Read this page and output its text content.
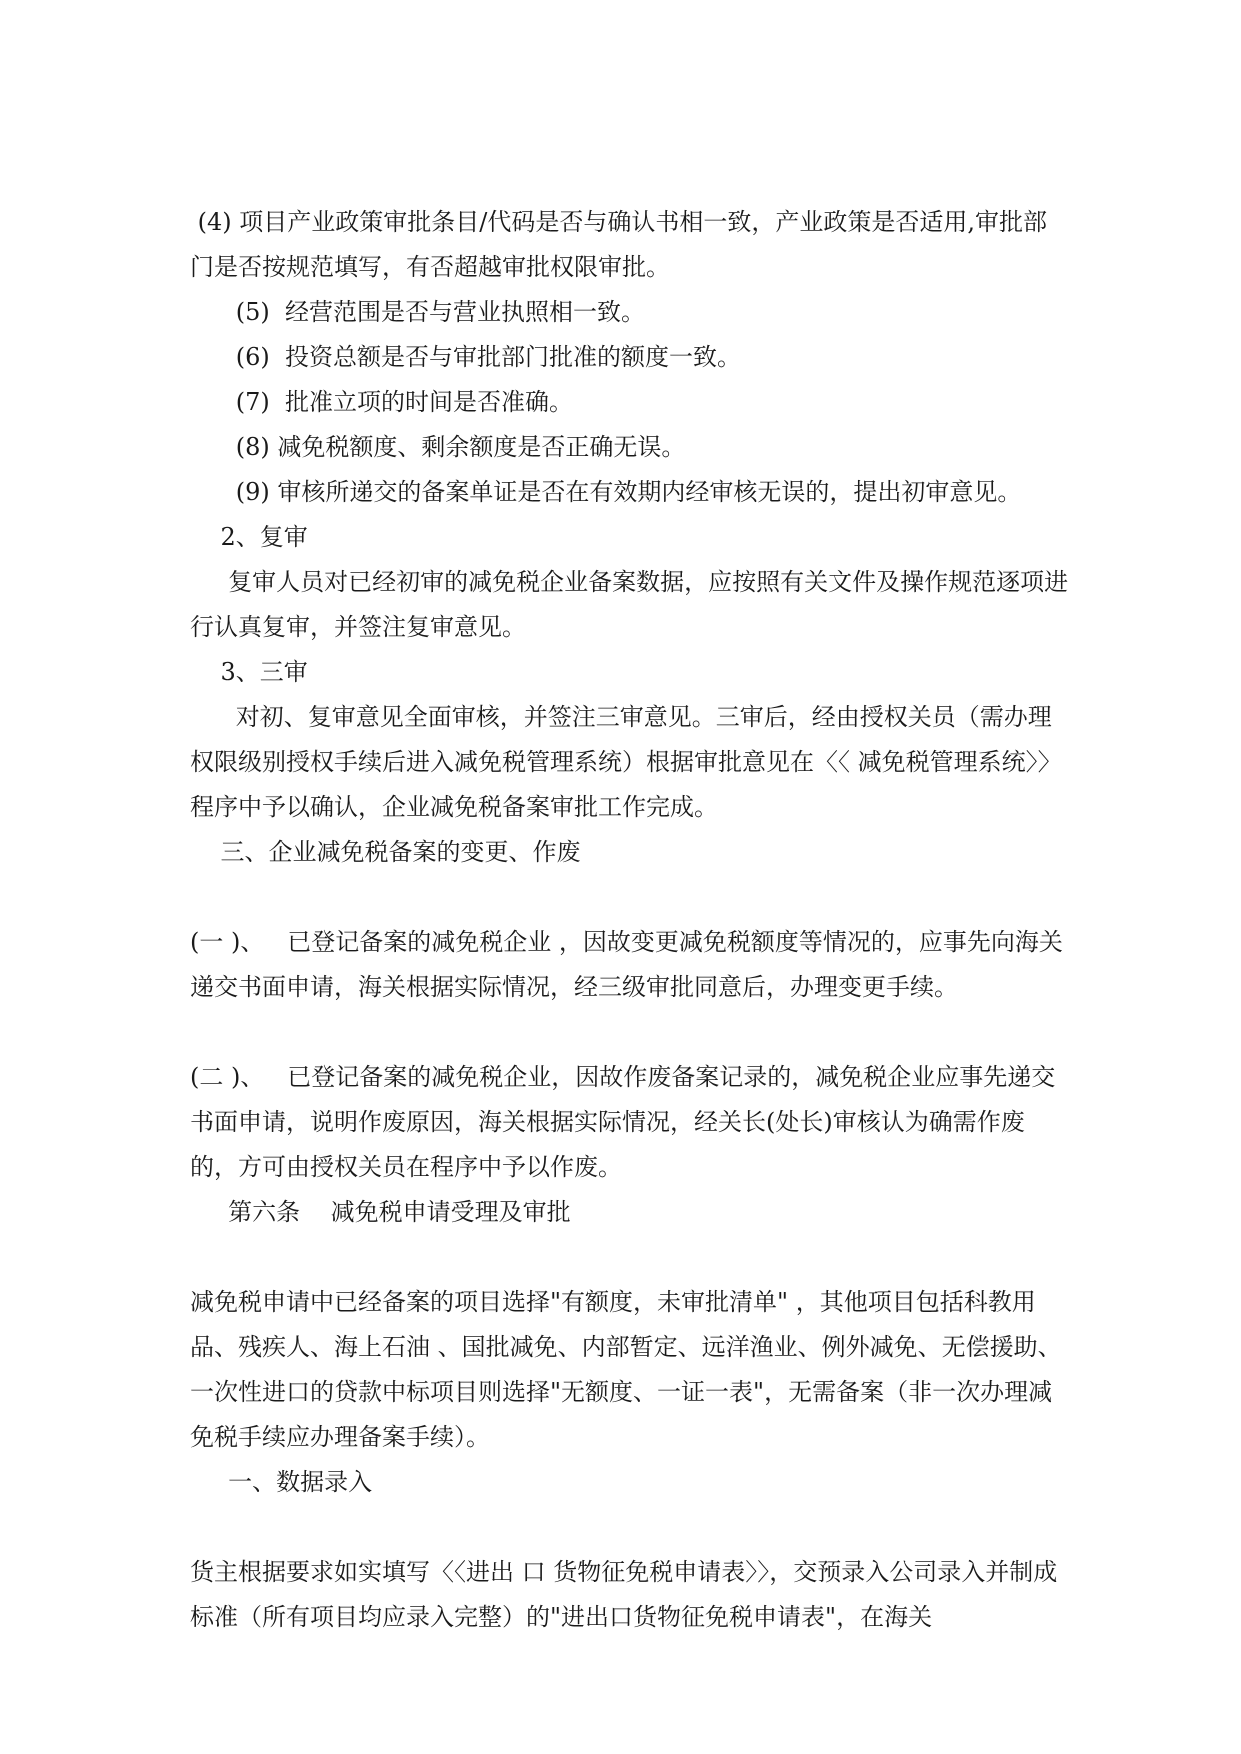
(4) 项目产业政策审批条目/代码是否与确认书相一致，产业政策是否适用,审批部门是否按规范填写，有否超越审批权限审批。

(5)  经营范围是否与营业执照相一致。

(6)  投资总额是否与审批部门批准的额度一致。

(7)  批准立项的时间是否准确。

(8) 减免税额度、剩余额度是否正确无误。

(9) 审核所递交的备案单证是否在有效期内经审核无误的，提出初审意见。

2、复审

复审人员对已经初审的减免税企业备案数据，应按照有关文件及操作规范逐项进行认真复审，并签注复审意见。

3、三审

对初、复审意见全面审核，并签注三审意见。三审后，经由授权关员（需办理权限级别授权手续后进入减免税管理系统）根据审批意见在〈〈 减免税管理系统〉〉程序中予以确认，企业减免税备案审批工作完成。

三、企业减免税备案的变更、作废

(一 )、   已登记备案的减免税企业 ，因故变更减免税额度等情况的，应事先向海关递交书面申请，海关根据实际情况，经三级审批同意后，办理变更手续。

(二 )、   已登记备案的减免税企业，因故作废备案记录的，减免税企业应事先递交书面申请，说明作废原因，海关根据实际情况，经关长(处长)审核认为确需作废的，方可由授权关员在程序中予以作废。

第六条    减免税申请受理及审批

减免税申请中已经备案的项目选择"有额度，未审批清单" ，其他项目包括科教用品、残疾人、海上石油 、国批减免、内部暂定、远洋渔业、例外减免、无偿援助、一次性进口的贷款中标项目则选择"无额度、一证一表"，无需备案（非一次办理减免税手续应办理备案手续）。

一、数据录入

货主根据要求如实填写〈〈进出 口 货物征免税申请表〉〉，交预录入公司录入并制成标准（所有项目均应录入完整）的"进出口货物征免税申请表"，在海关
